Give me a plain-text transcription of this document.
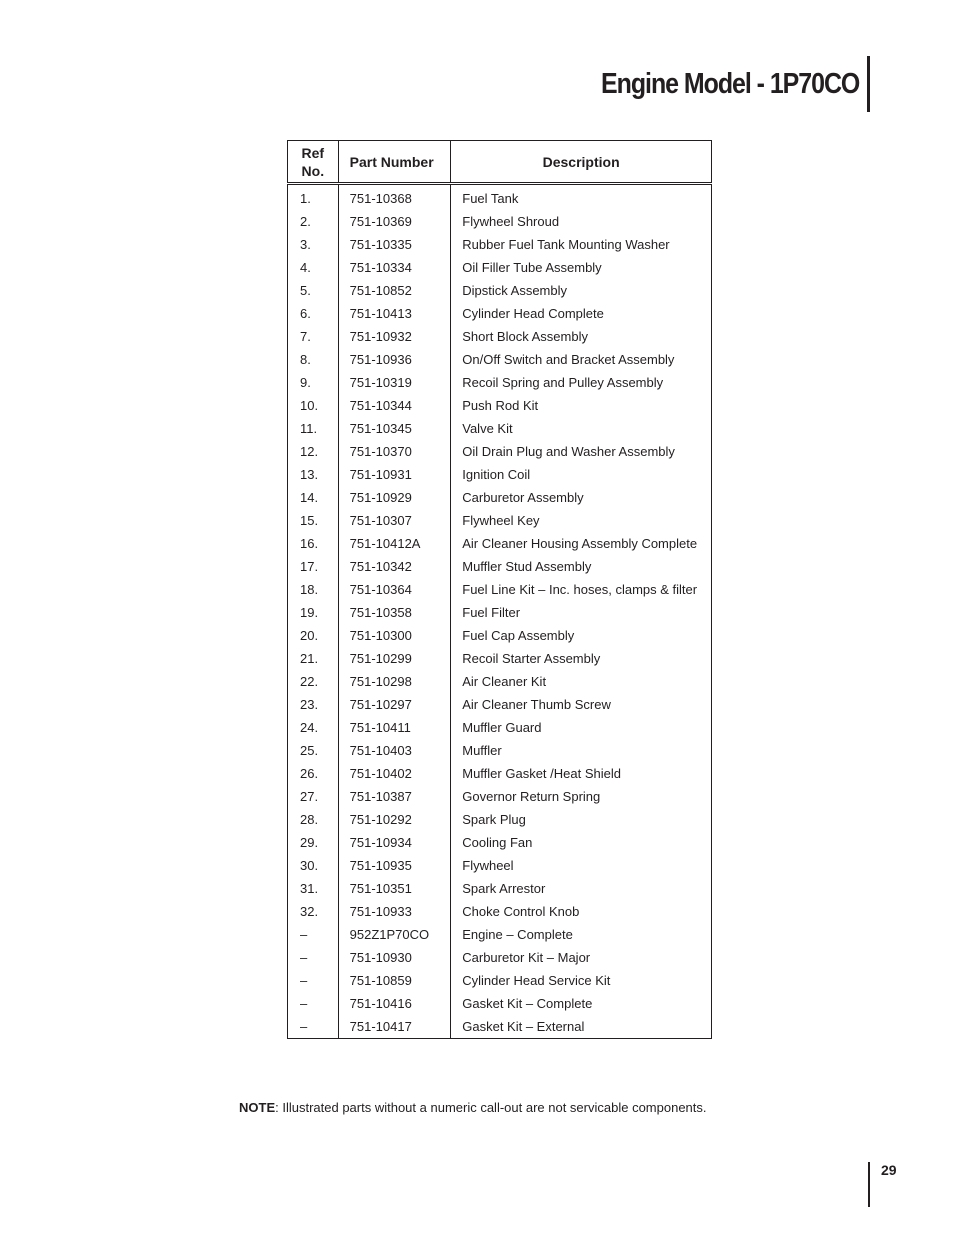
Engine Model - 1P70CO
Ref No.	Part Number	Description
1.	751-10368	Fuel Tank
2.	751-10369	Flywheel Shroud
3.	751-10335	Rubber Fuel Tank Mounting Washer
4.	751-10334	Oil Filler Tube Assembly
5.	751-10852	Dipstick Assembly
6.	751-10413	Cylinder Head Complete
7.	751-10932	Short Block Assembly
8.	751-10936	On/Off Switch and Bracket Assembly
9.	751-10319	Recoil Spring and Pulley Assembly
10.	751-10344	Push Rod Kit
11.	751-10345	Valve Kit
12.	751-10370	Oil Drain Plug and Washer Assembly
13.	751-10931	Ignition Coil
14.	751-10929	Carburetor Assembly
15.	751-10307	Flywheel Key
16.	751-10412A	Air Cleaner Housing Assembly Complete
17.	751-10342	Muffler Stud Assembly
18.	751-10364	Fuel Line Kit – Inc. hoses, clamps & filter
19.	751-10358	Fuel Filter
20.	751-10300	Fuel Cap Assembly
21.	751-10299	Recoil Starter Assembly
22.	751-10298	Air Cleaner Kit
23.	751-10297	Air Cleaner Thumb Screw
24.	751-10411	Muffler Guard
25.	751-10403	Muffler
26.	751-10402	Muffler Gasket /Heat Shield
27.	751-10387	Governor Return Spring
28.	751-10292	Spark Plug
29.	751-10934	Cooling Fan
30.	751-10935	Flywheel
31.	751-10351	Spark Arrestor
32.	751-10933	Choke Control Knob
–	952Z1P70CO	Engine – Complete
–	751-10930	Carburetor Kit – Major
–	751-10859	Cylinder Head Service Kit
–	751-10416	Gasket Kit – Complete
–	751-10417	Gasket Kit – External
NOTE: Illustrated parts without a numeric call-out are not servicable components.
29
